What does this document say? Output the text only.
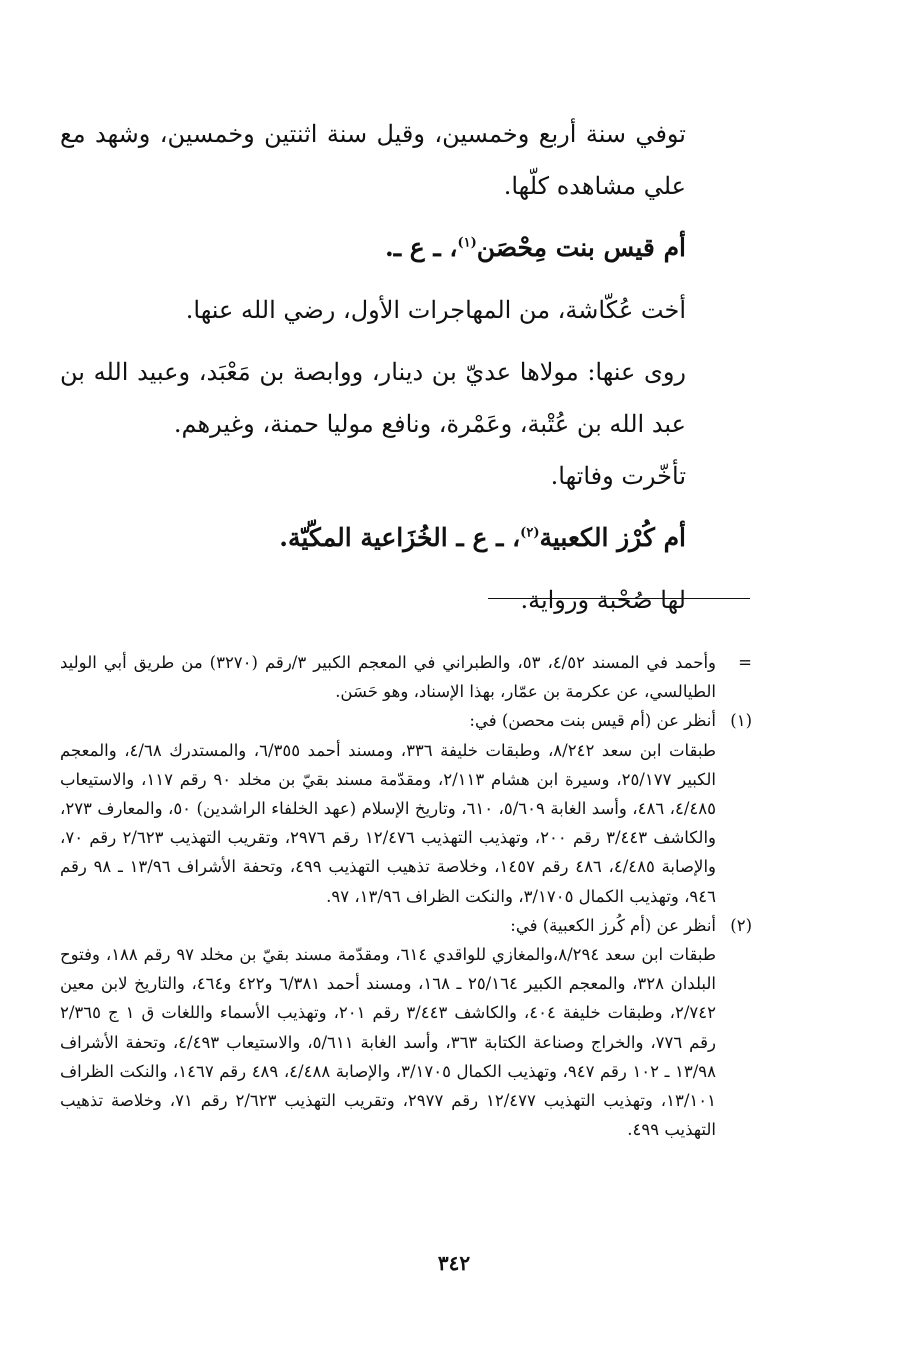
توفي سنة أربع وخمسين، وقيل سنة اثنتين وخمسين، وشهد مع علي مشاهده كلّها.

أم قيس بنت مِحْصَن$^{(١)}$، ـ ع ـ.

أخت عُكّاشة، من المهاجرات الأول، رضي الله عنها.

روى عنها: مولاها عديّ بن دينار، ووابصة بن مَعْبَد، وعبيد الله بن عبد الله بن عُتْبة، وعَمْرة، ونافع موليا حمنة، وغيرهم.

تأخّرت وفاتها.

أم كُرْز الكعبية$^{(٢)}$، ـ ع ـ الخُزَاعية المكّيّة.

لها صُحْبة ورواية.

=

وأحمد في المسند ٤/٥٢، ٥٣، والطبراني في المعجم الكبير ٣/رقم (٣٢٧٠) من طريق أبي الوليد الطيالسي، عن عكرمة بن عمّار، بهذا الإسناد، وهو حَسَن.

(١)

أنظر عن (أم قيس بنت محصن) في:

طبقات ابن سعد ٨/٢٤٢، وطبقات خليفة ٣٣٦، ومسند أحمد ٦/٣٥٥، والمستدرك ٤/٦٨، والمعجم الكبير ٢٥/١٧٧، وسيرة ابن هشام ٢/١١٣، ومقدّمة مسند بقيّ بن مخلد ٩٠ رقم ١١٧، والاستيعاب ٤/٤٨٥، ٤٨٦، وأسد الغابة ٥/٦٠٩، ٦١٠، وتاريخ الإسلام (عهد الخلفاء الراشدين) ٥٠، والمعارف ٢٧٣، والكاشف ٣/٤٤٣ رقم ٢٠٠، وتهذيب التهذيب ١٢/٤٧٦ رقم ٢٩٧٦، وتقريب التهذيب ٢/٦٢٣ رقم ٧٠، والإصابة ٤/٤٨٥، ٤٨٦ رقم ١٤٥٧، وخلاصة تذهيب التهذيب ٤٩٩، وتحفة الأشراف ١٣/٩٦ ـ ٩٨ رقم ٩٤٦، وتهذيب الكمال ٣/١٧٠٥، والنكت الظراف ١٣/٩٦، ٩٧.

(٢)

أنظر عن (أم كُرز الكعبية) في:

طبقات ابن سعد ٨/٢٩٤،والمغازي للواقدي ٦١٤، ومقدّمة مسند بقيّ بن مخلد ٩٧ رقم ١٨٨، وفتوح البلدان ٣٢٨، والمعجم الكبير ٢٥/١٦٤ ـ ١٦٨، ومسند أحمد ٦/٣٨١ و٤٢٢ و٤٦٤، والتاريخ لابن معين ٢/٧٤٢، وطبقات خليفة ٤٠٤، والكاشف ٣/٤٤٣ رقم ٢٠١، وتهذيب الأسماء واللغات ق ١ ج ٢/٣٦٥ رقم ٧٧٦، والخراج وصناعة الكتابة ٣٦٣، وأسد الغابة ٥/٦١١، والاستيعاب ٤/٤٩٣، وتحفة الأشراف ١٣/٩٨ ـ ١٠٢ رقم ٩٤٧، وتهذيب الكمال ٣/١٧٠٥، والإصابة ٤/٤٨٨، ٤٨٩ رقم ١٤٦٧، والنكت الظراف ١٣/١٠١، وتهذيب التهذيب ١٢/٤٧٧ رقم ٢٩٧٧، وتقريب التهذيب ٢/٦٢٣ رقم ٧١، وخلاصة تذهيب التهذيب ٤٩٩.

٣٤٢
